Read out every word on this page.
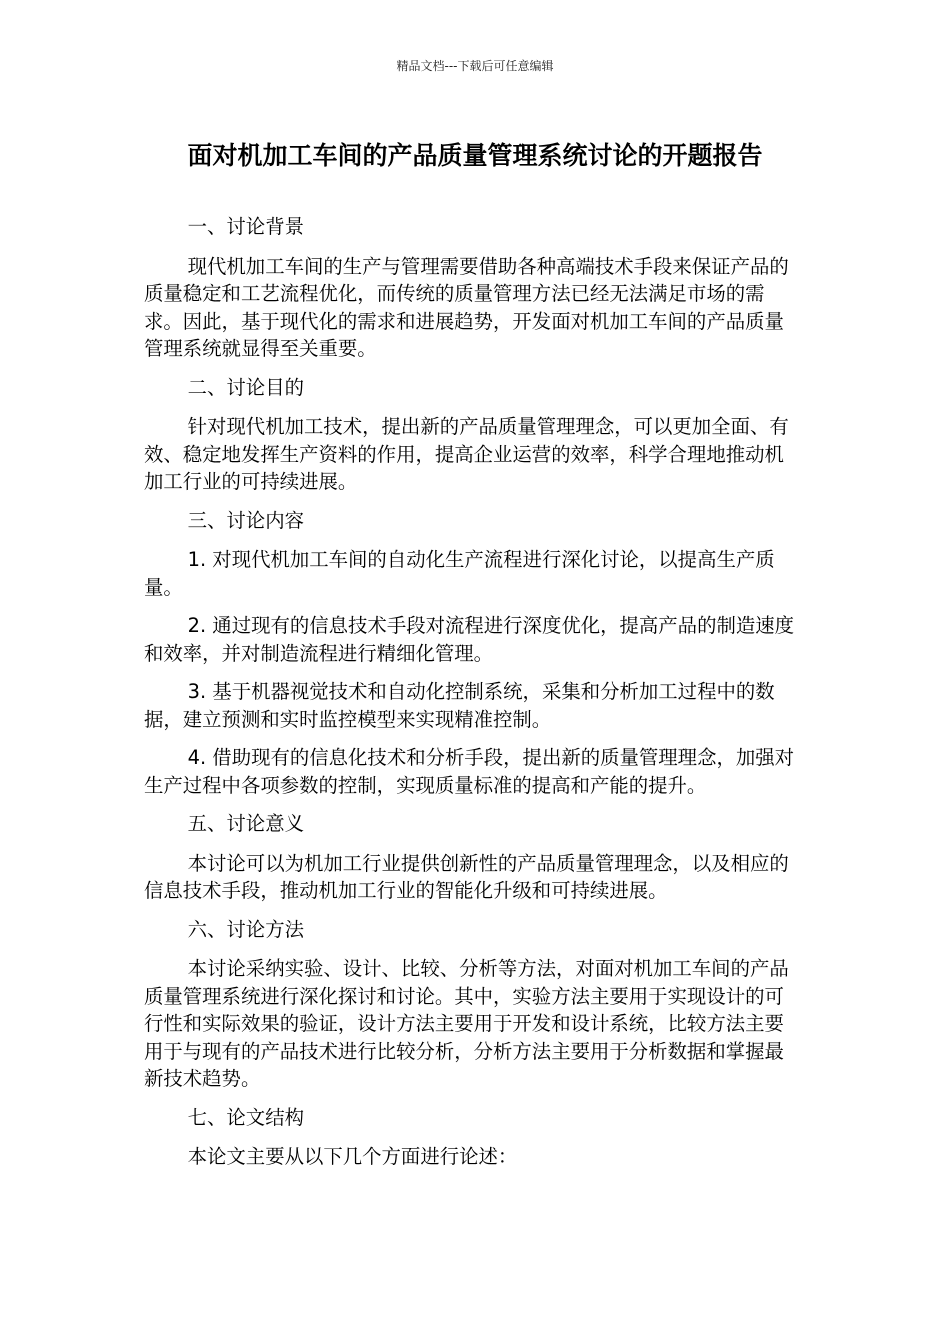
精品文档---下载后可任意编辑
面对机加工车间的产品质量管理系统讨论的开题报告

一、讨论背景

现代机加工车间的生产与管理需要借助各种高端技术手段来保证产品的质量稳定和工艺流程优化，而传统的质量管理方法已经无法满足市场的需求。因此，基于现代化的需求和进展趋势，开发面对机加工车间的产品质量管理系统就显得至关重要。

二、讨论目的

针对现代机加工技术，提出新的产品质量管理理念，可以更加全面、有效、稳定地发挥生产资料的作用，提高企业运营的效率，科学合理地推动机加工行业的可持续进展。

三、讨论内容

1. 对现代机加工车间的自动化生产流程进行深化讨论，以提高生产质量。

2. 通过现有的信息技术手段对流程进行深度优化，提高产品的制造速度和效率，并对制造流程进行精细化管理。

3. 基于机器视觉技术和自动化控制系统，采集和分析加工过程中的数据，建立预测和实时监控模型来实现精准控制。

4. 借助现有的信息化技术和分析手段，提出新的质量管理理念，加强对生产过程中各项参数的控制，实现质量标准的提高和产能的提升。

五、讨论意义

本讨论可以为机加工行业提供创新性的产品质量管理理念，以及相应的信息技术手段，推动机加工行业的智能化升级和可持续进展。

六、讨论方法

本讨论采纳实验、设计、比较、分析等方法，对面对机加工车间的产品质量管理系统进行深化探讨和讨论。其中，实验方法主要用于实现设计的可行性和实际效果的验证，设计方法主要用于开发和设计系统，比较方法主要用于与现有的产品技术进行比较分析，分析方法主要用于分析数据和掌握最新技术趋势。

七、论文结构

本论文主要从以下几个方面进行论述：
